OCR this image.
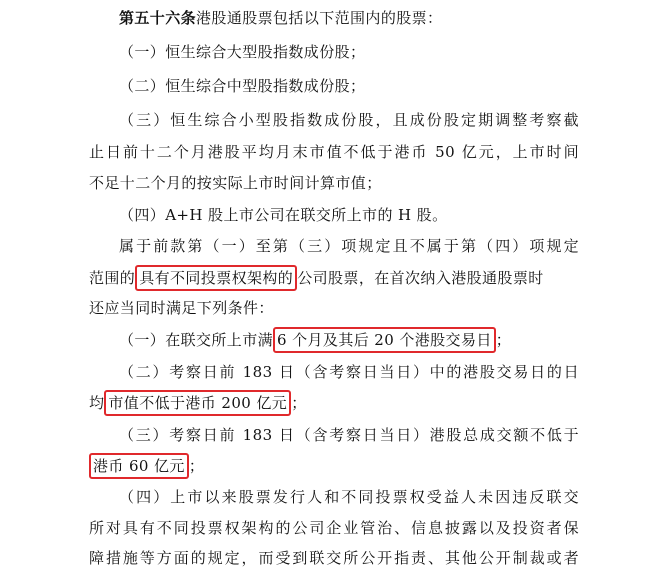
第五十六条港股通股票包括以下范围内的股票：
（一）恒生综合大型股指数成份股；
（二）恒生综合中型股指数成份股；
（三）恒生综合小型股指数成份股，且成份股定期调整考察截
止日前十二个月港股平均月末市值不低于港币 50 亿元，上市时间
不足十二个月的按实际上市时间计算市值；
（四）A+H 股上市公司在联交所上市的 H 股。
属于前款第（一）至第（三）项规定且不属于第（四）项规定
范围的 具有不同投票权架构的 公司股票，在首次纳入港股通股票时
还应当同时满足下列条件：
（一）在联交所上市满 6 个月及其后 20 个港股交易日 ；
（二）考察日前 183 日（含考察日当日）中的港股交易日的日
均 市值不低于港币 200 亿元 ；
（三）考察日前 183 日（含考察日当日）港股总成交额不低于
港币 60 亿元 ；
（四）上市以来股票发行人和不同投票权受益人未因违反联交
所对具有不同投票权架构的公司企业管治、信息披露以及投资者保
障措施等方面的规定，而受到联交所公开指责、其他公开制裁或者
